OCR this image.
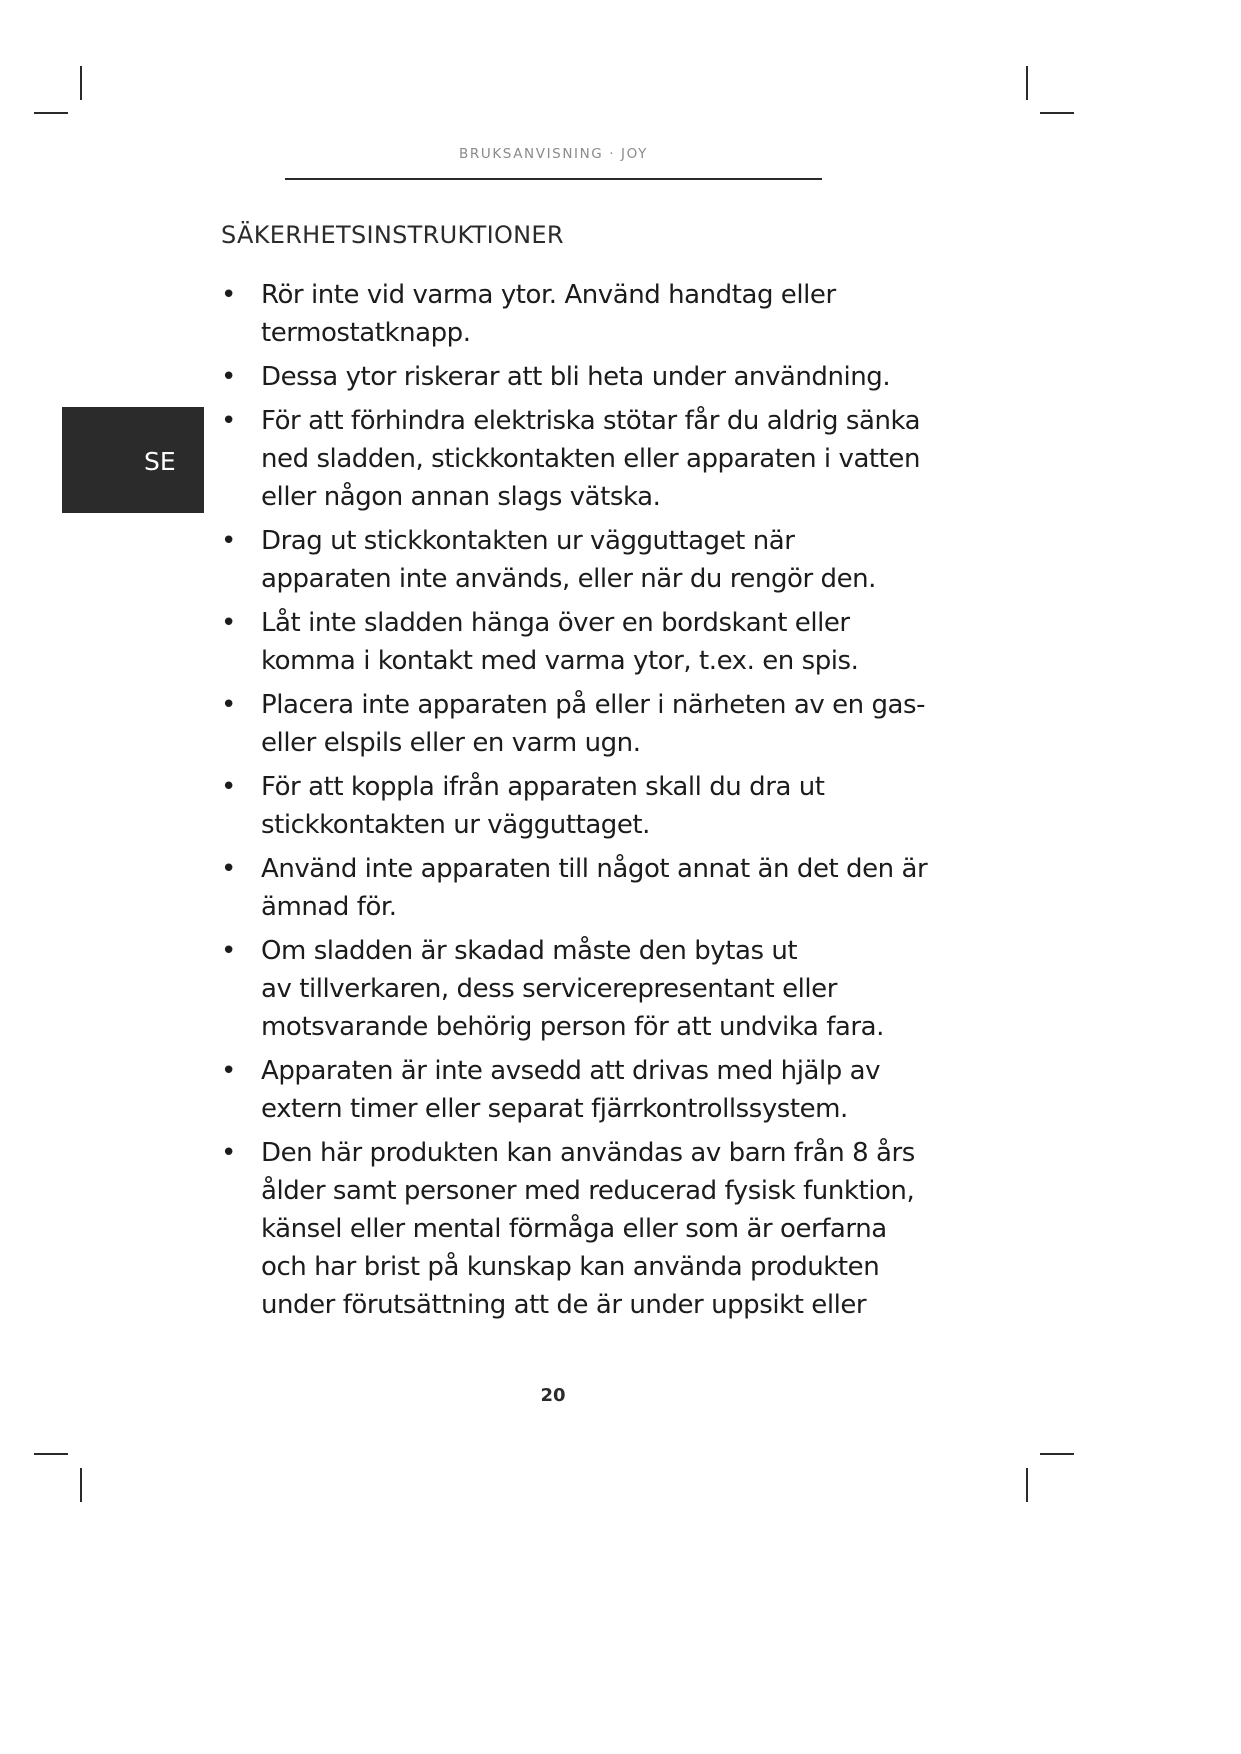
BRUKSANVISNING · JOY
SÄKERHETSINSTRUKTIONER
SE
• Rör inte vid varma ytor. Använd handtag eller
termostatknapp.
• Dessa ytor riskerar att bli heta under användning.
• För att förhindra elektriska stötar får du aldrig sänka
ned sladden, stickkontakten eller apparaten i vatten
eller någon annan slags vätska.
• Drag ut stickkontakten ur vägguttaget när
apparaten inte används, eller när du rengör den.
• Låt inte sladden hänga över en bordskant eller
komma i kontakt med varma ytor, t.ex. en spis.
• Placera inte apparaten på eller i närheten av en gas-
eller elspils eller en varm ugn.
• För att koppla ifrån apparaten skall du dra ut
stickkontakten ur vägguttaget.
• Använd inte apparaten till något annat än det den är
ämnad för.
• Om sladden är skadad måste den bytas ut
av tillverkaren, dess servicerepresentant eller
motsvarande behörig person för att undvika fara.
• Apparaten är inte avsedd att drivas med hjälp av
extern timer eller separat fjärrkontrollssystem.
• Den här produkten kan användas av barn från 8 års
ålder samt personer med reducerad fysisk funktion,
känsel eller mental förmåga eller som är oerfarna
och har brist på kunskap kan använda produkten
under förutsättning att de är under uppsikt eller
20
